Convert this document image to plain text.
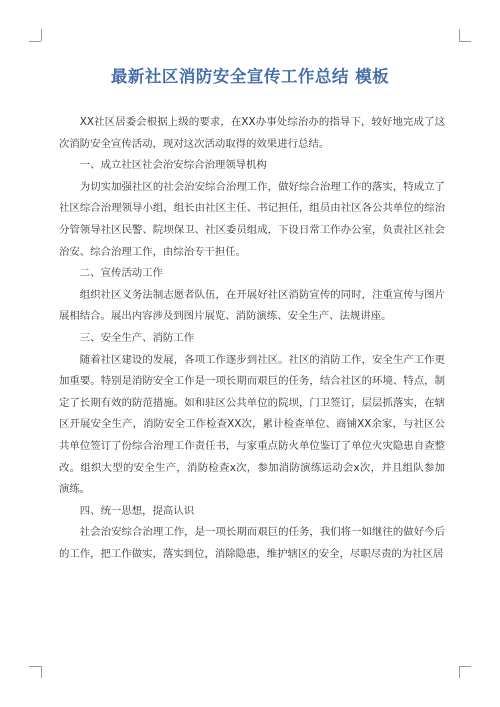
最新社区消防安全宣传工作总结 模板

XX社区居委会根据上级的要求，在XX办事处综治办的指导下，较好地完成了这次消防安全宣传活动，现对这次活动取得的效果进行总结。

一、成立社区社会治安综合治理领导机构

为切实加强社区的社会治安综合治理工作，做好综合治理工作的落实，特成立了社区综合治理领导小组，组长由社区主任、书记担任，组员由社区各公共单位的综治分管领导社区民警、院坝保卫、社区委员组成，下设日常工作办公室，负责社区社会治安、综合治理工作，由综治专干担任。

二、宣传活动工作

组织社区义务法制志愿者队伍，在开展好社区消防宣传的同时，注重宣传与图片展相结合。展出内容涉及到图片展览、消防演练、安全生产、法规讲座。

三、安全生产、消防工作

随着社区建设的发展，各项工作逐步到社区。社区的消防工作，安全生产工作更加重要。特别是消防安全工作是一项长期而艰巨的任务，结合社区的环境、特点，制定了长期有效的防范措施。如和驻区公共单位的院坝，门卫签订，层层抓落实，在辖区开展安全生产，消防安全工作检查XX次，累计检查单位、商铺XX余家，与社区公共单位签订了份综合治理工作责任书，与家重点防火单位鉴订了单位火灾隐患自查整改。组织大型的安全生产，消防检查x次，参加消防演练运动会x次，并且组队参加演练。

四、统一思想，提高认识

社会治安综合治理工作，是一项长期而艰巨的任务，我们将一如继往的做好今后的工作，把工作做实，落实到位，消除隐患，维护辖区的安全，尽职尽责的为社区居
